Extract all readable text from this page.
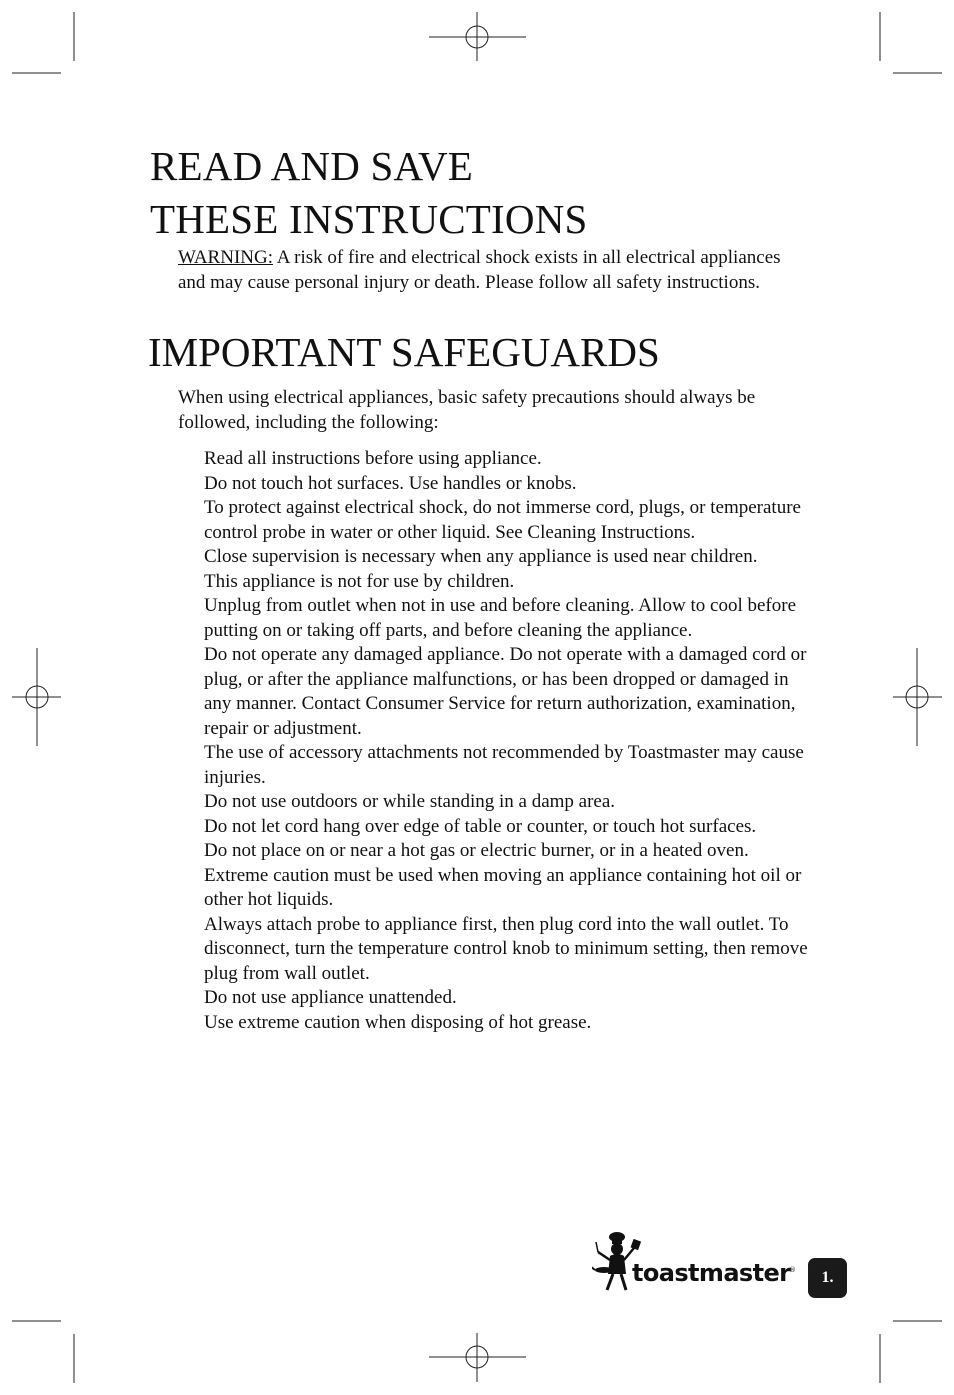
READ AND SAVE
THESE INSTRUCTIONS

WARNING: A risk of fire and electrical shock exists in all electrical appliances and may cause personal injury or death. Please follow all safety instructions.

IMPORTANT SAFEGUARDS

When using electrical appliances, basic safety precautions should always be followed, including the following:

Read all instructions before using appliance.
Do not touch hot surfaces. Use handles or knobs.
To protect against electrical shock, do not immerse cord, plugs, or temperature control probe in water or other liquid. See Cleaning Instructions.
Close supervision is necessary when any appliance is used near children.
This appliance is not for use by children.
Unplug from outlet when not in use and before cleaning. Allow to cool before putting on or taking off parts, and before cleaning the appliance.
Do not operate any damaged appliance. Do not operate with a damaged cord or plug, or after the appliance malfunctions, or has been dropped or damaged in any manner. Contact Consumer Service for return authorization, examination, repair or adjustment.
The use of accessory attachments not recommended by Toastmaster may cause injuries.
Do not use outdoors or while standing in a damp area.
Do not let cord hang over edge of table or counter, or touch hot surfaces.
Do not place on or near a hot gas or electric burner, or in a heated oven.
Extreme caution must be used when moving an appliance containing hot oil or other hot liquids.
Always attach probe to appliance first, then plug cord into the wall outlet. To disconnect, turn the temperature control knob to minimum setting, then remove plug from wall outlet.
Do not use appliance unattended.
Use extreme caution when disposing of hot grease.
toastmaster
®	1.
